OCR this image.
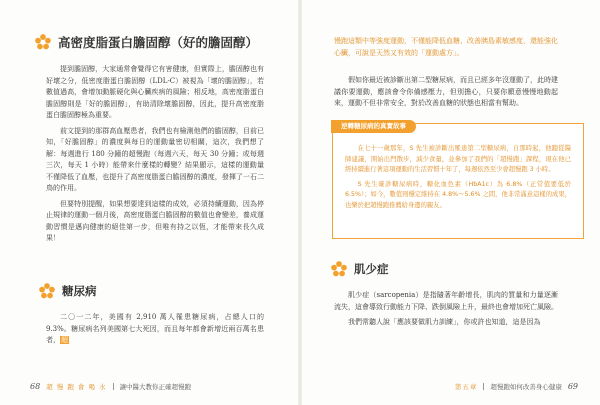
高密度脂蛋白膽固醇（好的膽固醇）

提到膽固醇，大家通常會覺得它有害健康，但實際上，膽固醇也有好壞之分，低密度脂蛋白膽固醇（LDL-C）被視為「壞的膽固醇」，若數值過高，會增加動脈硬化與心臟疾病的風險；相反地，高密度脂蛋白膽固醇則是「好的膽固醇」，有助清除壞膽固醇，因此，提升高密度脂蛋白膽固醇極為重要。

前文提到的那群高血壓患者，我們也有檢測他們的膽固醇，目前已知，「好膽固醇」的濃度與每日的運動量密切相關，這次，我們想了解：每週進行 180 分鐘的超慢跑（每週六天，每天 30 分鐘；或每週三次，每天 1 小時）能帶來什麼樣的轉變？結果顯示，這樣的運動量不僅降低了血壓，也提升了高密度脂蛋白膽固醇的濃度，發揮了一石二鳥的作用。

但要特別提醒，如果想要達到這樣的成效，必須持續運動，因為停止規律的運動一個月後，高密度脂蛋白膽固醇的數值也會變差，養成運動習慣是邁向健康的絕佳第一步，但唯有持之以恆，才能帶來長久成果！

糖尿病

二〇一二年，美國有 2,910 萬人罹患糖尿病，占總人口的 9.3%。糖尿病名列美國第七大死因，而且每年都會新增近兩百萬名患者，超

68 超 慢 跑 會 喝 水 讓中醫大教你正確超慢跑

慢跑這類中等強度運動，不僅能降低血糖、改善胰島素敏感度，還能強化心臟，可說是天然又有效的「運動處方」。

假如你最近被診斷出第二型糖尿病，而且已經多年沒運動了，此時建議你要運動，應該會令你備感壓力，但別擔心，只要你願意慢慢地動起來，運動不但非常安全，對於改善血糖的狀態也相當有幫助。

逆轉糖尿病的真實故事

在七十一歲那年，S 先生被診斷出罹患第二型糖尿病，自那時起，他聽從醫師建議，開始出門散步，減少食量，並參加了我們的「超慢跑」課程，現在他已經持續進行著這項運動的生活習慣十年了，每週依然至少會超慢跑 3 小時。

S 先生確診糖尿病時，糖化血色素（HbA1c）為 6.8%（正常值要低於 6.5%）；如今，數值則穩定維持在 4.8%～5.6% 之間，他非常滿意這樣的成果，也樂於把超慢跑推薦給身邊的親友。

肌少症

肌少症（sarcopenia）是指隨著年齡增長，肌肉的質量和力量逐漸流失，這會導致行動能力下降、跌倒風險上升，最終也會增加死亡風險。

我們常聽人說「應該要做肌力訓練」，你或許也知道，這是因為

第五章 超慢跑如何改善身心健康 69
